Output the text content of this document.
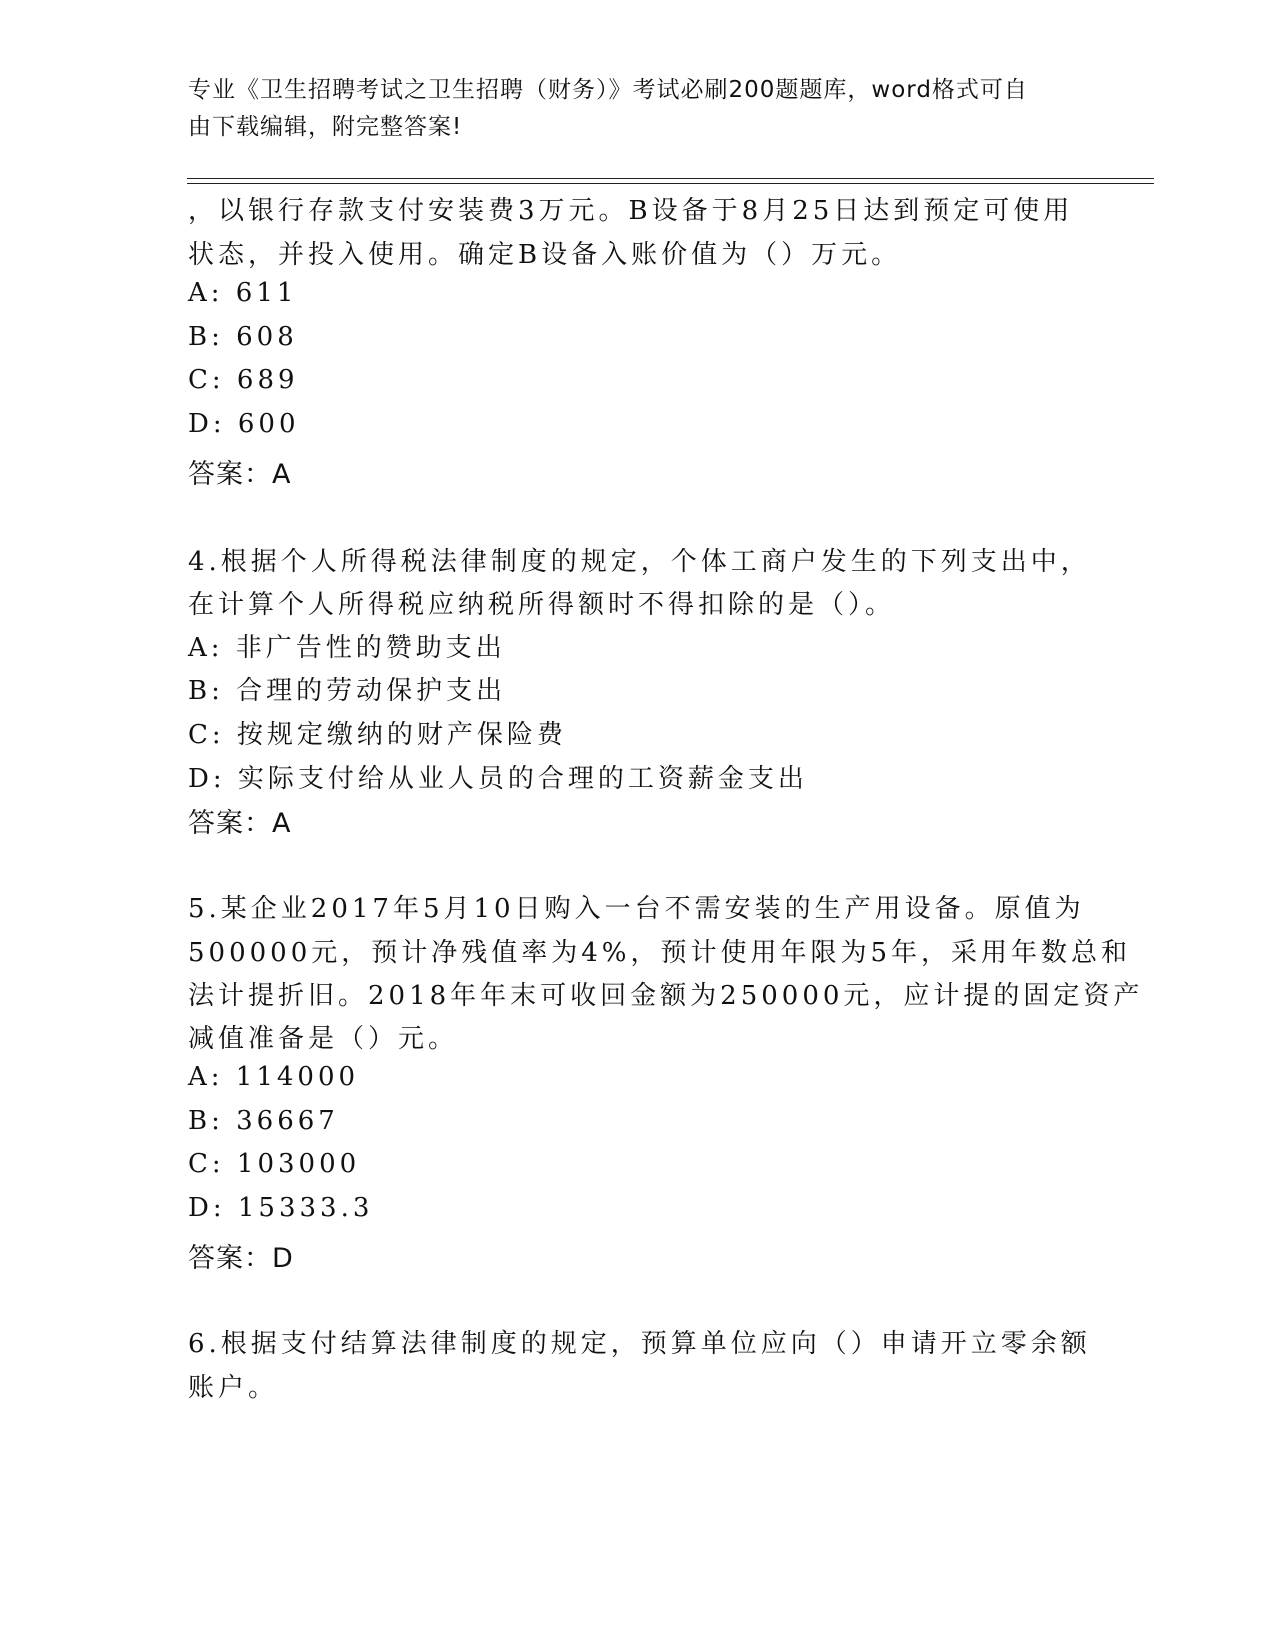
专业《卫生招聘考试之卫生招聘（财务）》考试必刷200题题库，word格式可自
由下载编辑，附完整答案!
，以银行存款支付安装费3万元。B设备于8月25日达到预定可使用
状态，并投入使用。确定B设备入账价值为（）万元。
A: 611
B: 608
C: 689
D: 600
答案：A
4.根据个人所得税法律制度的规定，个体工商户发生的下列支出中，
在计算个人所得税应纳税所得额时不得扣除的是（）。
A: 非广告性的赞助支出
B: 合理的劳动保护支出
C: 按规定缴纳的财产保险费
D: 实际支付给从业人员的合理的工资薪金支出
答案：A
5.某企业2017年5月10日购入一台不需安装的生产用设备。原值为
500000元，预计净残值率为4%，预计使用年限为5年，采用年数总和
法计提折旧。2018年年末可收回金额为250000元，应计提的固定资产
减值准备是（）元。
A: 114000
B: 36667
C: 103000
D: 15333.3
答案：D
6.根据支付结算法律制度的规定，预算单位应向（）申请开立零余额
账户。
